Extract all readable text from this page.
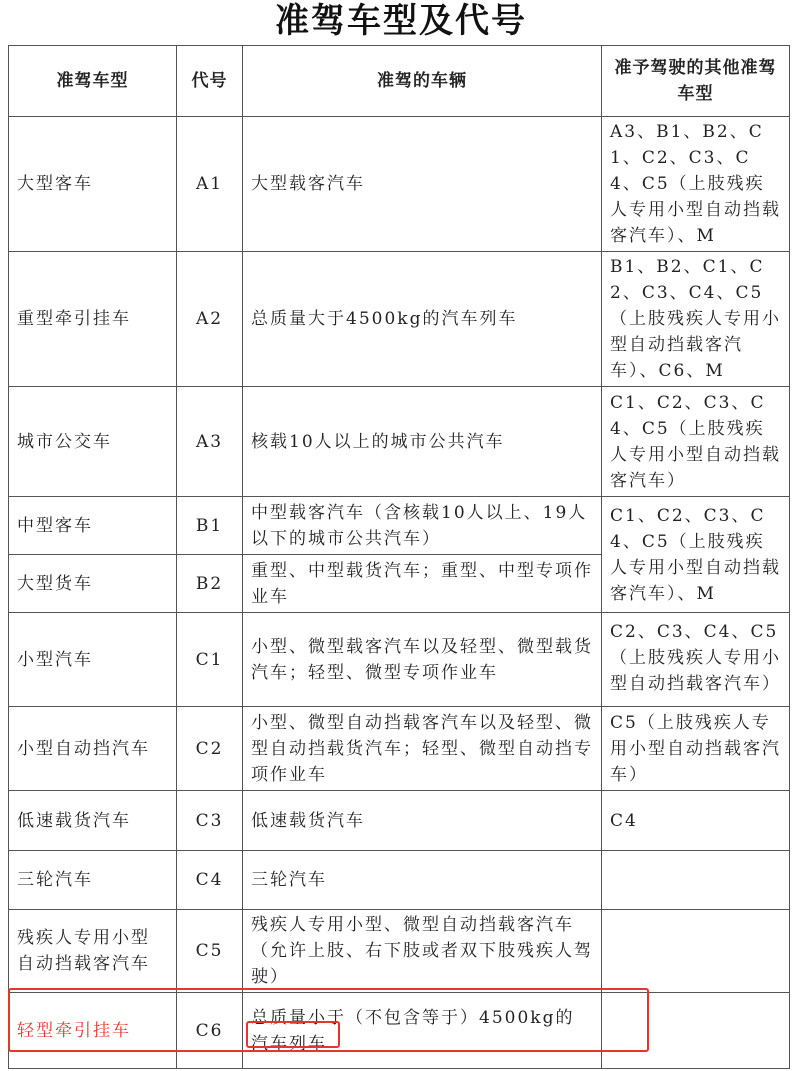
准驾车型及代号
准驾车型	代号	准驾的车辆	准予驾驶的其他准驾车型
大型客车	A1	大型载客汽车	A3、B1、B2、C1、C2、C3、C4、C5（上肢残疾人专用小型自动挡载客汽车）、M
重型牵引挂车	A2	总质量大于4500kg的汽车列车	B1、B2、C1、C2、C3、C4、C5（上肢残疾人专用小型自动挡载客汽车）、C6、M
城市公交车	A3	核载10人以上的城市公共汽车	C1、C2、C3、C4、C5（上肢残疾人专用小型自动挡载客汽车）
中型客车	B1	中型载客汽车（含核载10人以上、19人以下的城市公共汽车）	C1、C2、C3、C4、C5（上肢残疾人专用小型自动挡载客汽车）、M
大型货车	B2	重型、中型载货汽车；重型、中型专项作业车	
小型汽车	C1	小型、微型载客汽车以及轻型、微型载货汽车；轻型、微型专项作业车	C2、C3、C4、C5（上肢残疾人专用小型自动挡载客汽车）

小型自动挡汽车	C2	小型、微型自动挡载客汽车以及轻型、微型自动挡载货汽车；轻型、微型自动挡专项作业车	C5（上肢残疾人专用小型自动挡载客汽车）
低速载货汽车	C3	低速载货汽车	C4
三轮汽车	C4	三轮汽车	
残疾人专用小型自动挡载客汽车	C5	残疾人专用小型、微型自动挡载客汽车（允许上肢、右下肢或者双下肢残疾人驾驶）	
轻型牵引挂车	C6	总质量小于（不包含等于）4500kg的汽车列车	
